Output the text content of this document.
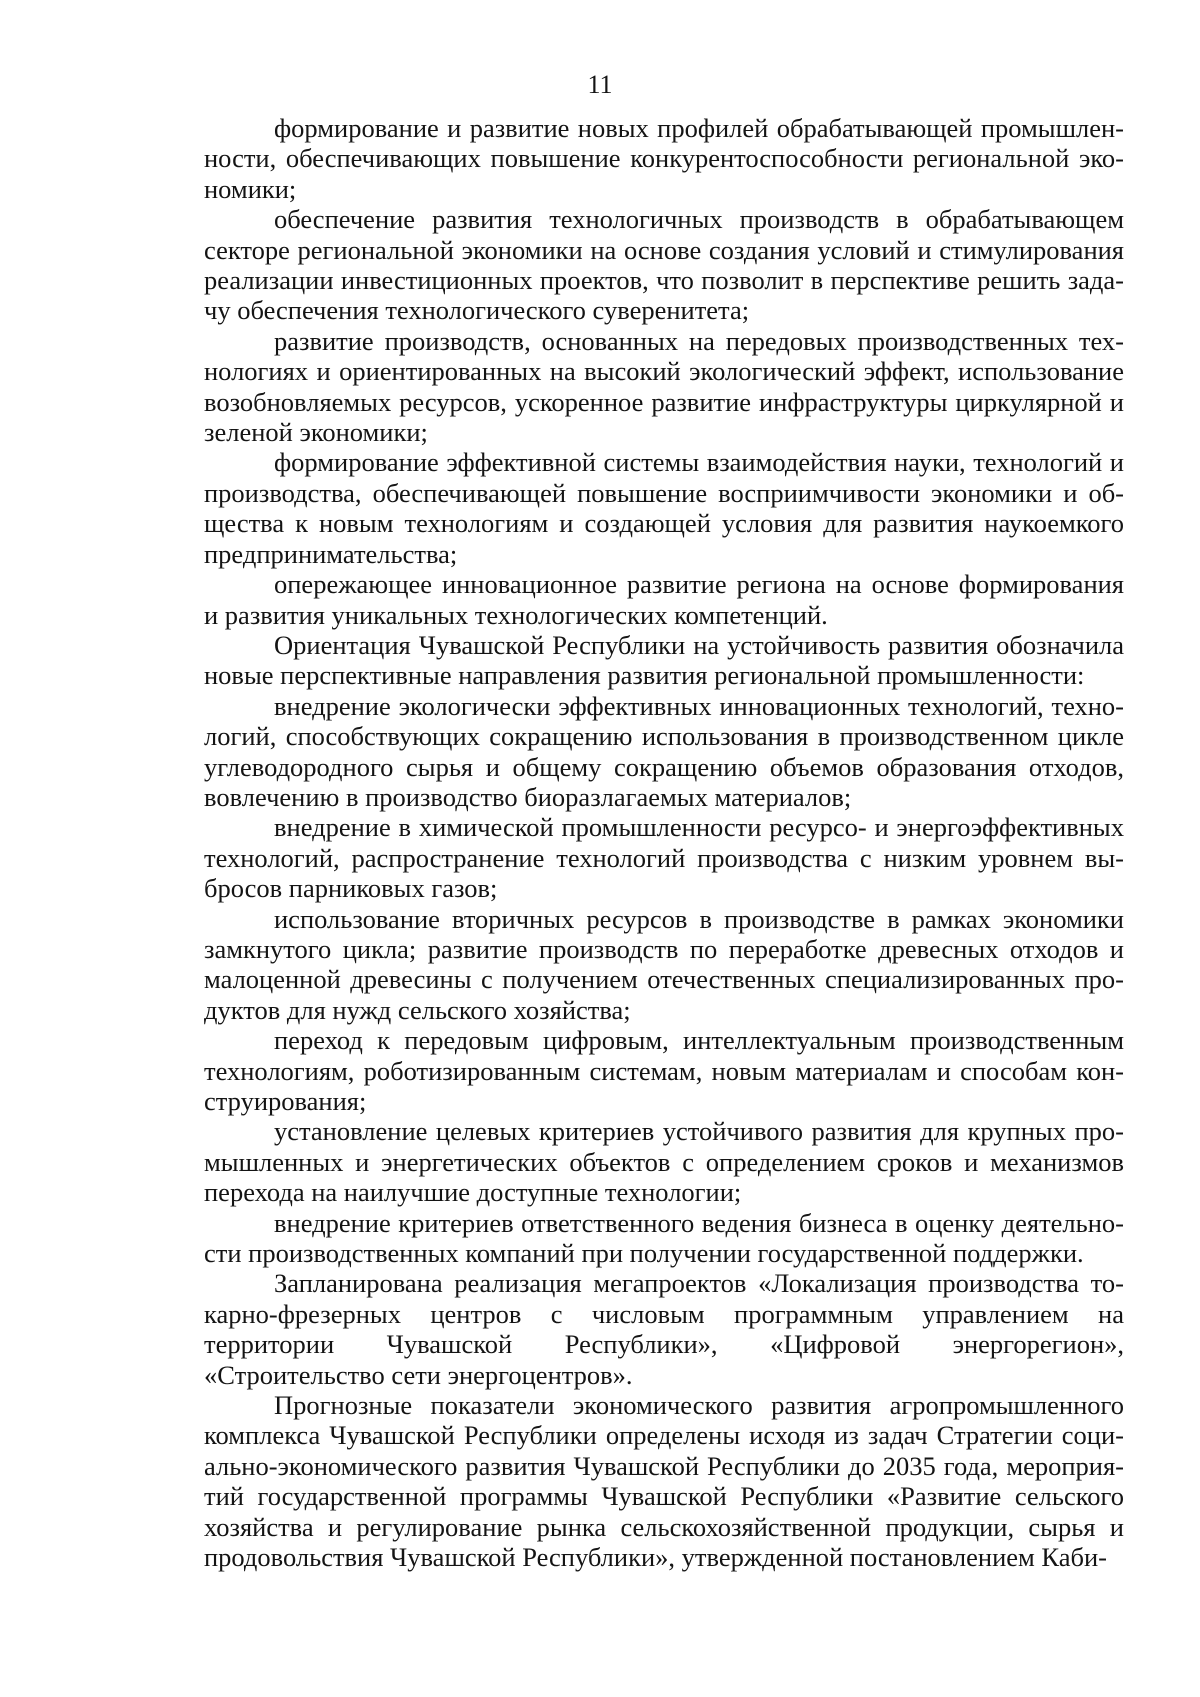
11

формирование и развитие новых профилей обрабатывающей промышленности, обеспечивающих повышение конкурентоспособности региональной экономики;

обеспечение развития технологичных производств в обрабатывающем секторе региональной экономики на основе создания условий и стимулирования реализации инвестиционных проектов, что позволит в перспективе решить задачу обеспечения технологического суверенитета;

развитие производств, основанных на передовых производственных технологиях и ориентированных на высокий экологический эффект, использование возобновляемых ресурсов, ускоренное развитие инфраструктуры циркулярной и зеленой экономики;

формирование эффективной системы взаимодействия науки, технологий и производства, обеспечивающей повышение восприимчивости экономики и общества к новым технологиям и создающей условия для развития наукоемкого предпринимательства;

опережающее инновационное развитие региона на основе формирования и развития уникальных технологических компетенций.

Ориентация Чувашской Республики на устойчивость развития обозначила новые перспективные направления развития региональной промышленности:

внедрение экологически эффективных инновационных технологий, технологий, способствующих сокращению использования в производственном цикле углеводородного сырья и общему сокращению объемов образования отходов, вовлечению в производство биоразлагаемых материалов;

внедрение в химической промышленности ресурсо- и энергоэффективных технологий, распространение технологий производства с низким уровнем выбросов парниковых газов;

использование вторичных ресурсов в производстве в рамках экономики замкнутого цикла; развитие производств по переработке древесных отходов и малоценной древесины с получением отечественных специализированных продуктов для нужд сельского хозяйства;

переход к передовым цифровым, интеллектуальным производственным технологиям, роботизированным системам, новым материалам и способам конструирования;

установление целевых критериев устойчивого развития для крупных промышленных и энергетических объектов с определением сроков и механизмов перехода на наилучшие доступные технологии;

внедрение критериев ответственного ведения бизнеса в оценку деятельности производственных компаний при получении государственной поддержки.

Запланирована реализация мегапроектов «Локализация производства токарно-фрезерных центров с числовым программным управлением на территории Чувашской Республики», «Цифровой энергорегион», «Строительство сети энергоцентров».

Прогнозные показатели экономического развития агропромышленного комплекса Чувашской Республики определены исходя из задач Стратегии социально-экономического развития Чувашской Республики до 2035 года, мероприятий государственной программы Чувашской Республики «Развитие сельского хозяйства и регулирование рынка сельскохозяйственной продукции, сырья и продовольствия Чувашской Республики», утвержденной постановлением Каби-
